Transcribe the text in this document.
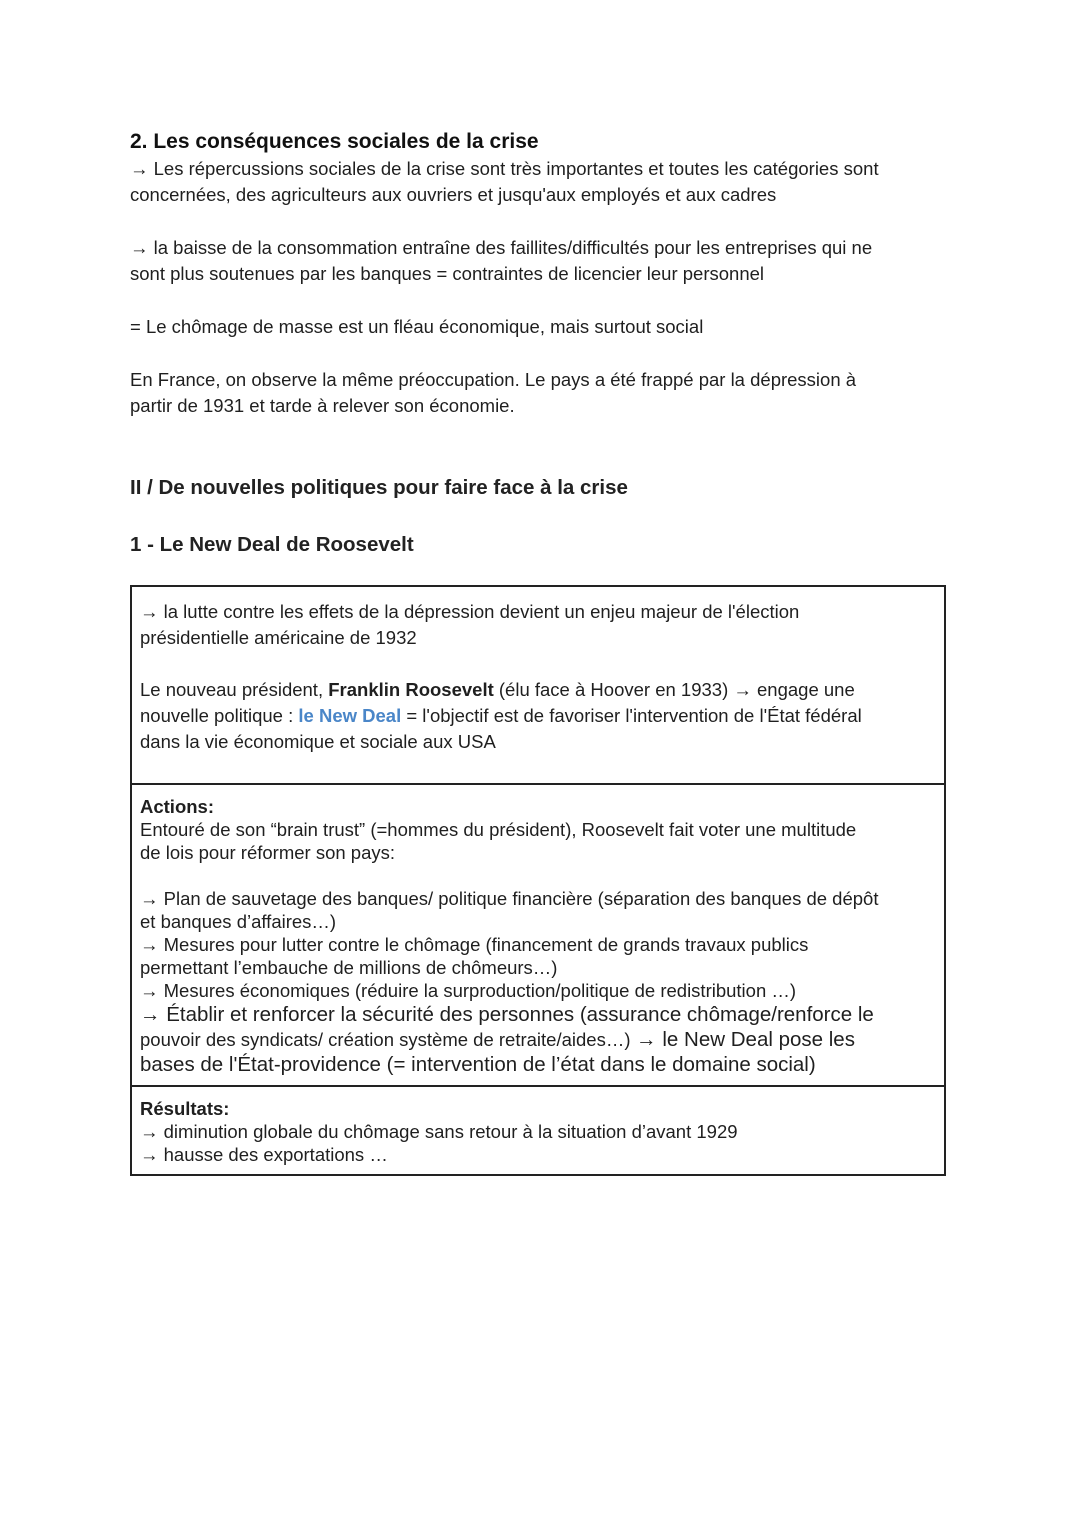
2. Les conséquences sociales de la crise

→ Les répercussions sociales de la crise sont très importantes et toutes les catégories sont
concernées, des agriculteurs aux ouvriers et jusqu'aux employés et aux cadres

→ la baisse de la consommation entraîne des faillites/difficultés pour les entreprises qui ne
sont plus soutenues par les banques = contraintes de licencier leur personnel

= Le chômage de masse est un fléau économique, mais surtout social

En France, on observe la même préoccupation. Le pays a été frappé par la dépression à
partir de 1931 et tarde à relever son économie.

II / De nouvelles politiques pour faire face à la crise

1 - Le New Deal de Roosevelt

→ la lutte contre les effets de la dépression devient un enjeu majeur de l'élection
présidentielle américaine de 1932
Le nouveau président, Franklin Roosevelt (élu face à Hoover en 1933) → engage une
nouvelle politique : le New Deal = l'objectif est de favoriser l'intervention de l'État fédéral
dans la vie économique et sociale aux USA
Actions:
Entouré de son “brain trust” (=hommes du président), Roosevelt fait voter une multitude
de lois pour réformer son pays:
→ Plan de sauvetage des banques/ politique financière (séparation des banques de dépôt
et banques d’affaires…)
→ Mesures pour lutter contre le chômage (financement de grands travaux publics
permettant l’embauche de millions de chômeurs…)
→ Mesures économiques (réduire la surproduction/politique de redistribution …)
→ Établir et renforcer la sécurité des personnes (assurance chômage/renforce le
pouvoir des syndicats/ création système de retraite/aides…) → le New Deal pose les
bases de l'État-providence (= intervention de l’état dans le domaine social)
Résultats:
→ diminution globale du chômage sans retour à la situation d’avant 1929
→ hausse des exportations …
